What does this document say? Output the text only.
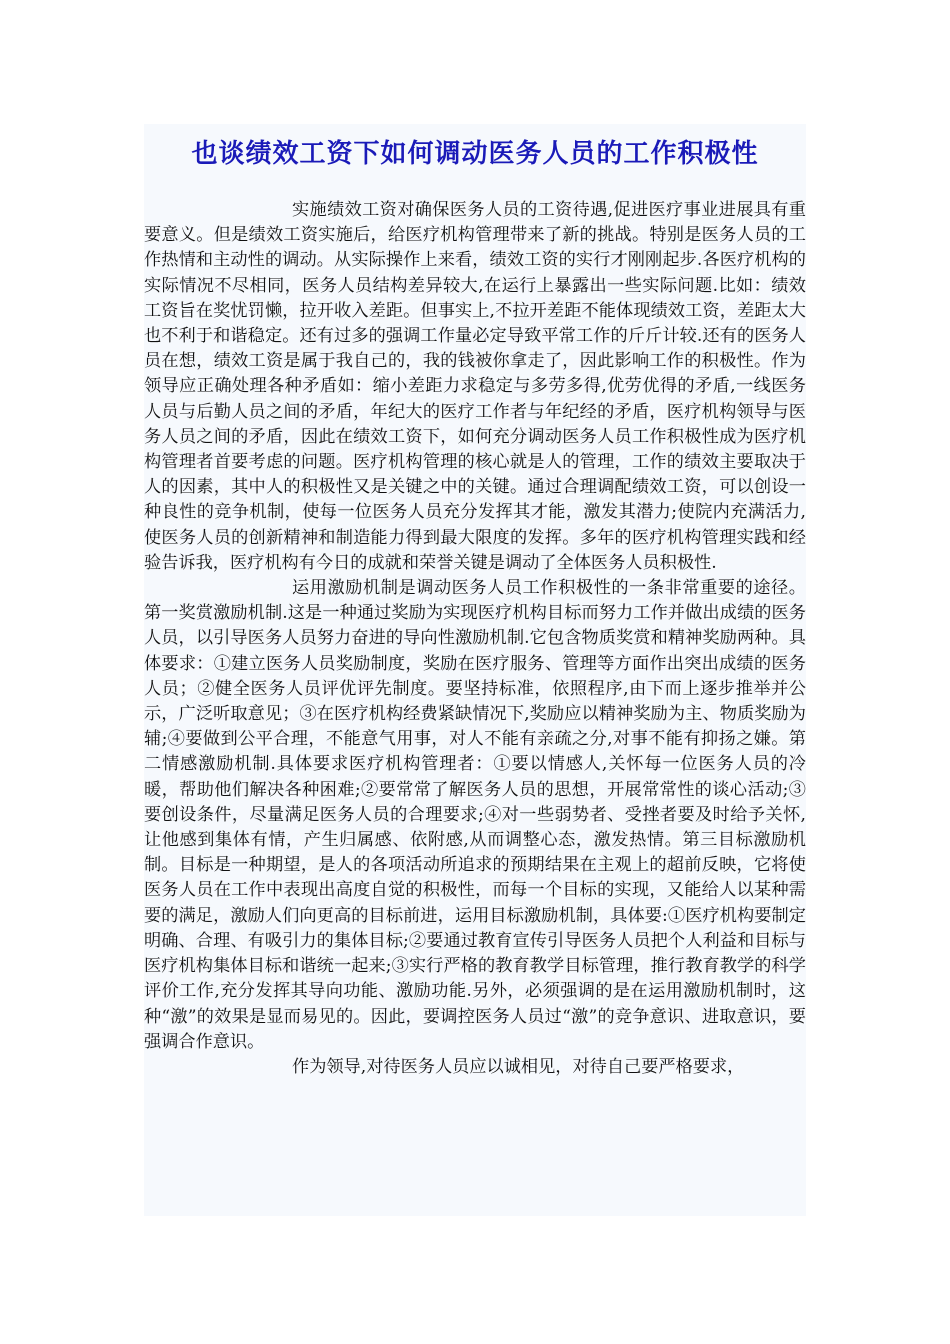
也谈绩效工资下如何调动医务人员的工作积极性

实施绩效工资对确保医务人员的工资待遇,促进医疗事业进展具有重要意义。但是绩效工资实施后，给医疗机构管理带来了新的挑战。特别是医务人员的工作热情和主动性的调动。从实际操作上来看，绩效工资的实行才刚刚起步.各医疗机构的实际情况不尽相同，医务人员结构差异较大,在运行上暴露出一些实际问题.比如：绩效工资旨在奖忧罚懒，拉开收入差距。但事实上,不拉开差距不能体现绩效工资，差距太大也不利于和谐稳定。还有过多的强调工作量必定导致平常工作的斤斤计较.还有的医务人员在想，绩效工资是属于我自己的，我的钱被你拿走了，因此影响工作的积极性。作为领导应正确处理各种矛盾如：缩小差距力求稳定与多劳多得,优劳优得的矛盾,一线医务人员与后勤人员之间的矛盾，年纪大的医疗工作者与年纪经的矛盾，医疗机构领导与医务人员之间的矛盾，因此在绩效工资下，如何充分调动医务人员工作积极性成为医疗机构管理者首要考虑的问题。医疗机构管理的核心就是人的管理，工作的绩效主要取决于人的因素，其中人的积极性又是关键之中的关键。通过合理调配绩效工资，可以创设一种良性的竞争机制，使每一位医务人员充分发挥其才能，激发其潜力;使院内充满活力,使医务人员的创新精神和制造能力得到最大限度的发挥。多年的医疗机构管理实践和经验告诉我，医疗机构有今日的成就和荣誉关键是调动了全体医务人员积极性.

运用激励机制是调动医务人员工作积极性的一条非常重要的途径。第一奖赏激励机制.这是一种通过奖励为实现医疗机构目标而努力工作并做出成绩的医务人员，以引导医务人员努力奋进的导向性激励机制.它包含物质奖赏和精神奖励两种。具体要求：①建立医务人员奖励制度，奖励在医疗服务、管理等方面作出突出成绩的医务人员；②健全医务人员评优评先制度。要坚持标准，依照程序,由下而上逐步推举并公示，广泛听取意见；③在医疗机构经费紧缺情况下,奖励应以精神奖励为主、物质奖励为辅;④要做到公平合理，不能意气用事，对人不能有亲疏之分,对事不能有抑扬之嫌。第二情感激励机制.具体要求医疗机构管理者：①要以情感人,关怀每一位医务人员的冷暖，帮助他们解决各种困难;②要常常了解医务人员的思想，开展常常性的谈心活动;③要创设条件，尽量满足医务人员的合理要求;④对一些弱势者、受挫者要及时给予关怀,让他感到集体有情，产生归属感、依附感,从而调整心态，激发热情。第三目标激励机制。目标是一种期望，是人的各项活动所追求的预期结果在主观上的超前反映，它将使医务人员在工作中表现出高度自觉的积极性，而每一个目标的实现，又能给人以某种需要的满足，激励人们向更高的目标前进，运用目标激励机制，具体要:①医疗机构要制定明确、合理、有吸引力的集体目标;②要通过教育宣传引导医务人员把个人利益和目标与医疗机构集体目标和谐统一起来;③实行严格的教育教学目标管理，推行教育教学的科学评价工作,充分发挥其导向功能、激励功能.另外，必须强调的是在运用激励机制时，这种“激”的效果是显而易见的。因此，要调控医务人员过“激”的竞争意识、进取意识，要强调合作意识。

作为领导,对待医务人员应以诚相见，对待自己要严格要求，
